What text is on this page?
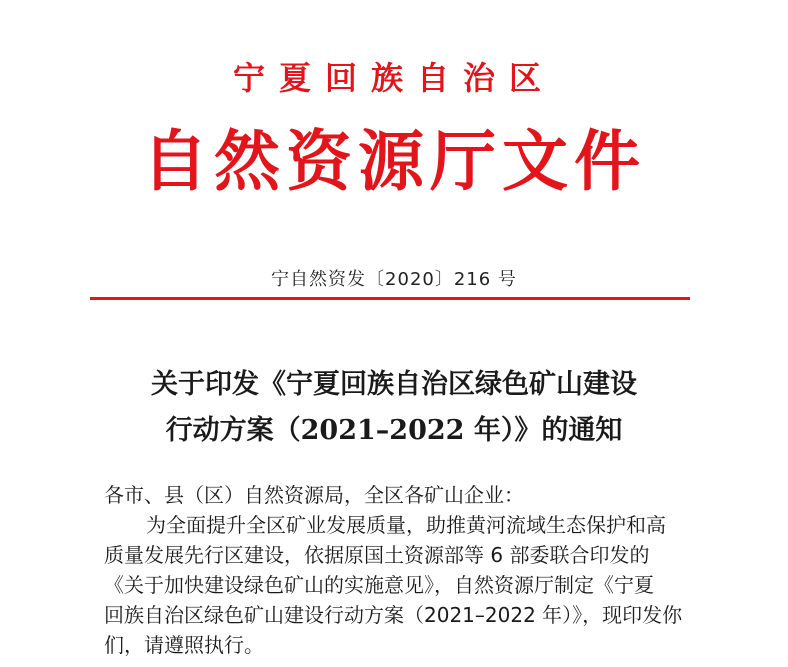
宁夏回族自治区
自然资源厅文件
宁自然资发〔2020〕216 号
关于印发《宁夏回族自治区绿色矿山建设
行动方案（2021–2022 年）》的通知
各市、县（区）自然资源局，全区各矿山企业：
为全面提升全区矿业发展质量，助推黄河流域生态保护和高
质量发展先行区建设，依据原国土资源部等 6 部委联合印发的
《关于加快建设绿色矿山的实施意见》，自然资源厅制定《宁夏
回族自治区绿色矿山建设行动方案（2021–2022 年）》，现印发你
们，请遵照执行。
